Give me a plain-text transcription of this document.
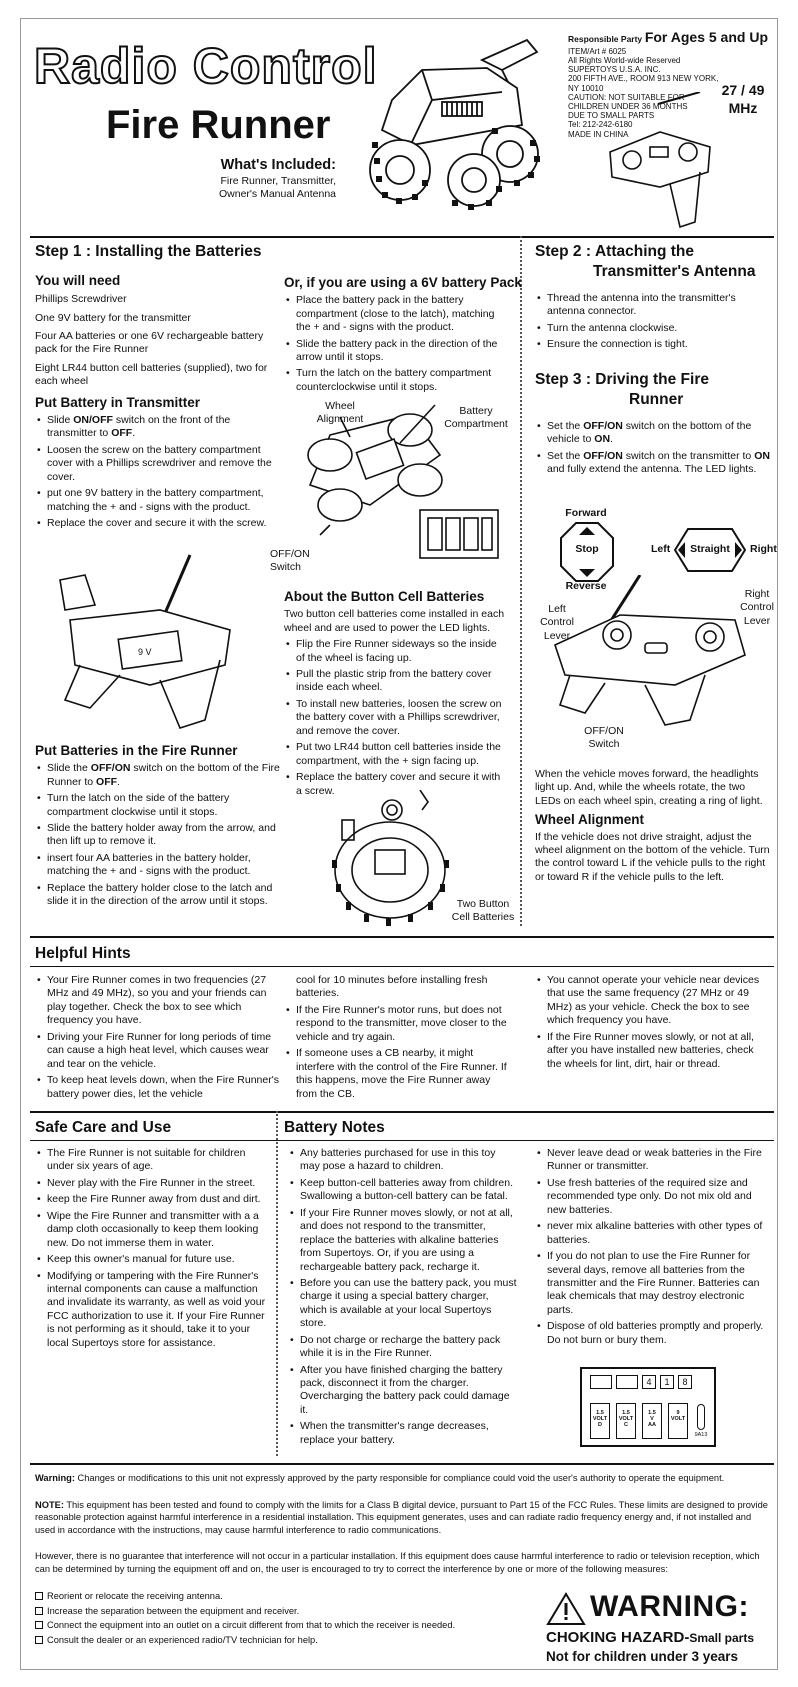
Radio Control
Fire Runner
What's Included:
Fire Runner, Transmitter,
Owner's Manual Antenna
Responsible Party For Ages 5 and Up
ITEM/Art # 6025
All Rights World-wide Reserved
SUPERTOYS U.S.A. INC.
200 FIFTH AVE., ROOM 913 NEW YORK,
NY 10010
CAUTION: NOT SUITABLE FOR
CHILDREN UNDER 36 MONTHS
DUE TO SMALL PARTS
Tel: 212-242-6180
MADE IN CHINA
27 / 49
MHz
Step 1 : Installing the Batteries
You will need

Phillips Screwdriver

One 9V battery for the transmitter

Four AA batteries or one 6V rechargeable battery pack for the Fire Runner

Eight LR44 button cell batteries (supplied), two for each wheel

Put Battery in Transmitter
• Slide ON/OFF switch on the front of the transmitter to OFF.
• Loosen the screw on the battery compartment cover with a Phillips screwdriver and remove the cover.
• put one 9V battery in the battery compartment, matching the + and - signs with the product.
• Replace the cover and secure it with the screw.
9 V
Put Batteries in the Fire Runner
• Slide the OFF/ON switch on the bottom of the Fire Runner to OFF.
• Turn the latch on the side of the battery compartment clockwise until it stops.
• Slide the battery holder away from the arrow, and then lift up to remove it.
• insert four AA batteries in the battery holder, matching the + and - signs with the product.
• Replace the battery holder close to the latch and slide it in the direction of the arrow until it stops.
Or, if you are using a 6V battery Pack
• Place the battery pack in the battery compartment (close to the latch), matching the + and - signs with the product.
• Slide the battery pack in the direction of the arrow until it stops.
• Turn the latch on the battery compartment counterclockwise until it stops.
Wheel
Alignment
Battery
Compartment
OFF/ON
Switch
About the Button Cell Batteries

Two button cell batteries come installed in each wheel and are used to power the LED lights.

• Flip the Fire Runner sideways so the inside of the wheel is facing up.
• Pull the plastic strip from the battery cover inside each wheel.
• To install new batteries, loosen the screw on the battery cover with a Phillips screwdriver, and remove the cover.
• Put two LR44 button cell batteries inside the compartment, with the + sign facing up.
• Replace the battery cover and secure it with a screw.
Two Button
Cell Batteries
Step 2 : Attaching the
Transmitter's Antenna
• Thread the antenna into the transmitter's antenna connector.
• Turn the antenna clockwise.
• Ensure the connection is tight.
Step 3 : Driving the Fire
Runner
• Set the OFF/ON switch on the bottom of the vehicle to ON.
• Set the OFF/ON switch on the transmitter to ON and fully extend the antenna. The LED lights.
Forward
Stop
Reverse
Left	Straight	Right
Left
Control
Lever
Right
Control
Lever
OFF/ON
Switch

When the vehicle moves forward, the headlights light up. And, while the wheels rotate, the two LEDs on each wheel spin, creating a ring of light.

Wheel Alignment

If the vehicle does not drive straight, adjust the wheel alignment on the bottom of the vehicle. Turn the control toward L if the vehicle pulls to the right or toward R if the vehicle pulls to the left.

Helpful Hints
• Your Fire Runner comes in two frequencies (27 MHz and 49 MHz), so you and your friends can play together. Check the box to see which frequency you have.
• Driving your Fire Runner for long periods of time can cause a high heat level, which causes wear and tear on the vehicle.
• To keep heat levels down, when the Fire Runner's battery power dies, let the vehicle

cool for 10 minutes before installing fresh batteries.

• If the Fire Runner's motor runs, but does not respond to the transmitter, move closer to the vehicle and try again.
• If someone uses a CB nearby, it might interfere with the control of the Fire Runner. If this happens, move the Fire Runner away from the CB.
• You cannot operate your vehicle near devices that use the same frequency (27 MHz or 49 MHz) as your vehicle. Check the box to see which frequency you have.
• If the Fire Runner moves slowly, or not at all, after you have installed new batteries, check the wheels for lint, dirt, hair or thread.
Safe Care and Use	Battery Notes
• The Fire Runner is not suitable for children under six years of age.
• Never play with the Fire Runner in the street.
• keep the Fire Runner away from dust and dirt.
• Wipe the Fire Runner and transmitter with a a damp cloth occasionally to keep them looking new. Do not immerse them in water.
• Keep this owner's manual for future use.
• Modifying or tampering with the Fire Runner's internal components can cause a malfunction and invalidate its warranty, as well as void your FCC authorization to use it. If your Fire Runner is not performing as it should, take it to your local Supertoys store for assistance.
• Any batteries purchased for use in this toy may pose a hazard to children.
• Keep button-cell batteries away from children. Swallowing a button-cell battery can be fatal.
• If your Fire Runner moves slowly, or not at all, and does not respond to the transmitter, replace the batteries with alkaline batteries from Supertoys. Or, if you are using a rechargeable battery pack, recharge it.
• Before you can use the battery pack, you must charge it using a special battery charger, which is available at your local Supertoys store.
• Do not charge or recharge the battery pack while it is in the Fire Runner.
• After you have finished charging the battery pack, disconnect it from the charger. Overcharging the battery pack could damage it.
• When the transmitter's range decreases, replace your battery.
• Never leave dead or weak batteries in the Fire Runner or transmitter.
• Use fresh batteries of the required size and recommended type only. Do not mix old and new batteries.
• never mix alkaline batteries with other types of batteries.
• If you do not plan to use the Fire Runner for several days, remove all batteries from the transmitter and the Fire Runner. Batteries can leak chemicals that may destroy electronic parts.
• Dispose of old batteries promptly and properly. Do not burn or bury them.
4	1	8
1.5
VOLT
D
1.5
VOLT
C
1.5
V
AA
9
VOLT
9A13

Warning: Changes or modifications to this unit not expressly approved by the party responsible for compliance could void the user's authority to operate the equipment.

NOTE: This equipment has been tested and found to comply with the limits for a Class B digital device, pursuant to Part 15 of the FCC Rules. These limits are designed to provide reasonable protection against harmful interference in a residential installation. This equipment generates, uses and can radiate radio frequency energy and, if not installed and used in accordance with the instructions, may cause harmful interference to radio communications.

However, there is no guarantee that interference will not occur in a particular installation. If this equipment does cause harmful interference to radio or television reception, which can be determined by turning the equipment off and on, the user is encouraged to try to correct the interference by one or more of the following measures:

Reorient or relocate the receiving antenna.
Increase the separation between the equipment and receiver.
Connect the equipment into an outlet on a circuit different from that to which the receiver is needed.
Consult the dealer or an experienced radio/TV technician for help.
WARNING:
CHOKING HAZARD-Small parts
Not for children under 3 years
